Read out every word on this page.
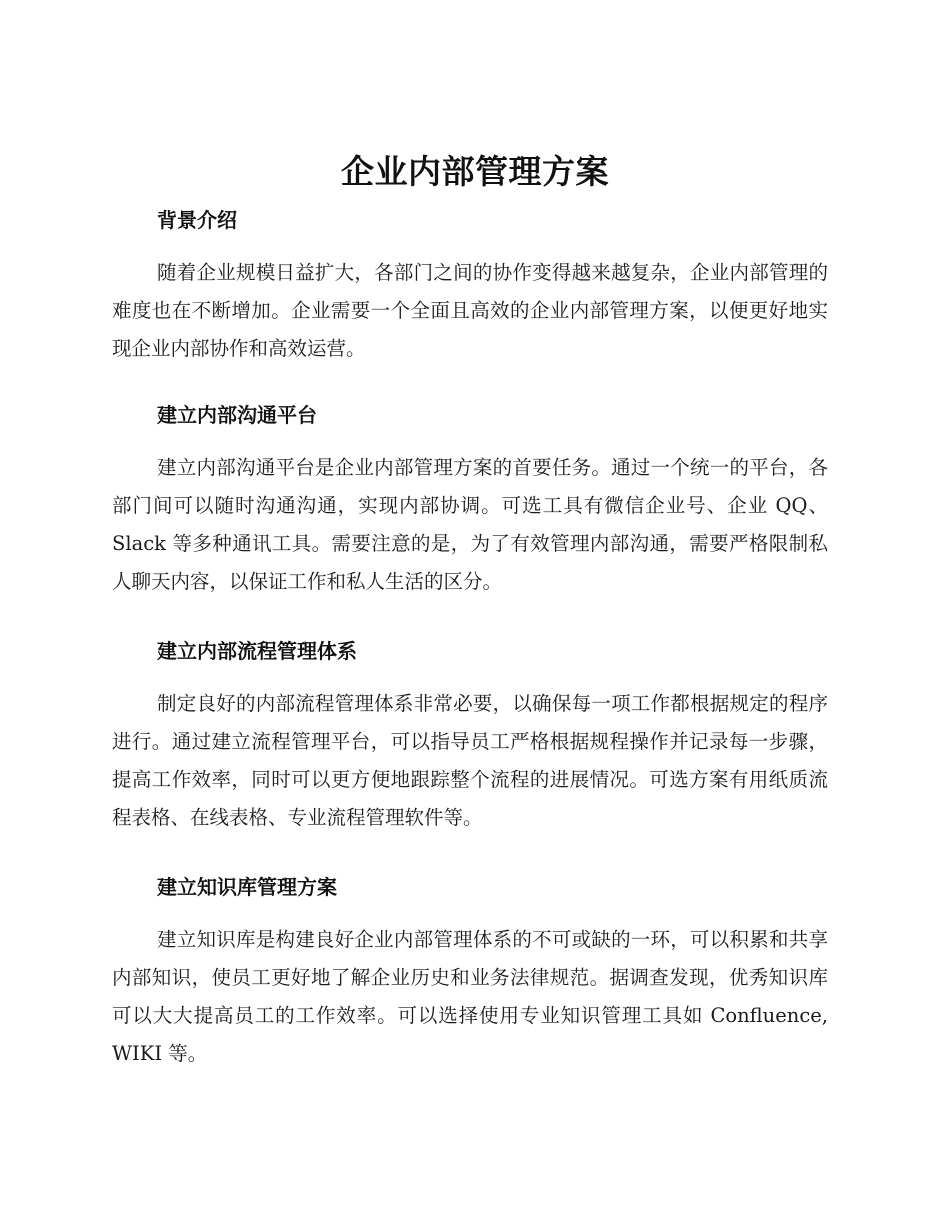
企业内部管理方案
背景介绍
随着企业规模日益扩大，各部门之间的协作变得越来越复杂，企业内部管理的难度也在不断增加。企业需要一个全面且高效的企业内部管理方案，以便更好地实现企业内部协作和高效运营。
建立内部沟通平台
建立内部沟通平台是企业内部管理方案的首要任务。通过一个统一的平台，各部门间可以随时沟通沟通，实现内部协调。可选工具有微信企业号、企业 QQ、Slack 等多种通讯工具。需要注意的是，为了有效管理内部沟通，需要严格限制私人聊天内容，以保证工作和私人生活的区分。
建立内部流程管理体系
制定良好的内部流程管理体系非常必要，以确保每一项工作都根据规定的程序进行。通过建立流程管理平台，可以指导员工严格根据规程操作并记录每一步骤，提高工作效率，同时可以更方便地跟踪整个流程的进展情况。可选方案有用纸质流程表格、在线表格、专业流程管理软件等。
建立知识库管理方案
建立知识库是构建良好企业内部管理体系的不可或缺的一环，可以积累和共享内部知识，使员工更好地了解企业历史和业务法律规范。据调查发现，优秀知识库可以大大提高员工的工作效率。可以选择使用专业知识管理工具如 Confluence, WIKI 等。
